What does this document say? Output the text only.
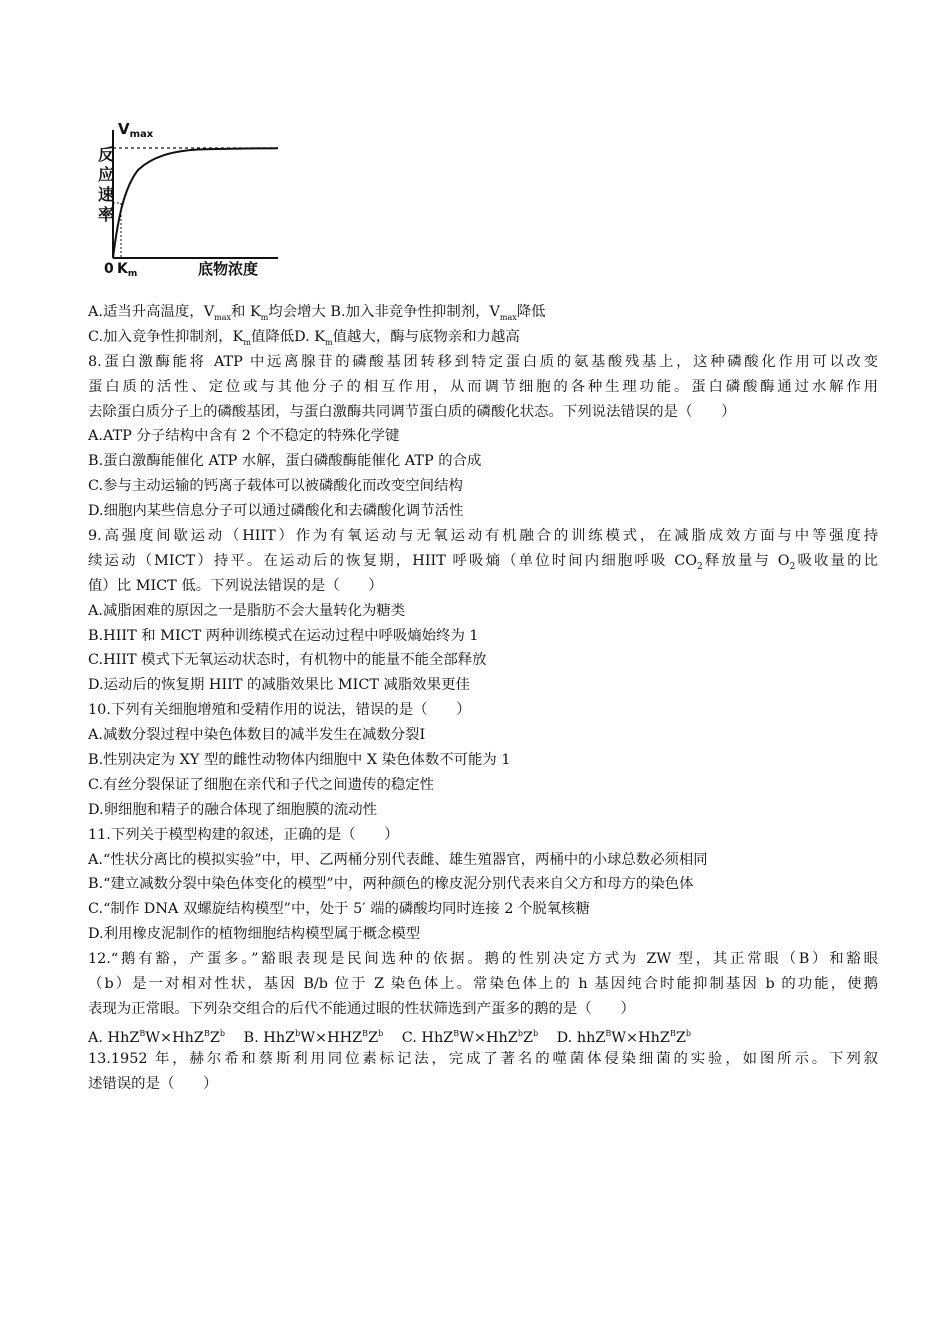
反
应
速
率
$V_{max}$
0 $K_m$	底物浓度
A.适当升高温度，$V_{max}$和 $K_m$均会增大 B.加入非竞争性抑制剂，$V_{max}$降低
C.加入竞争性抑制剂，$K_m$值降低D. $K_m$值越大，酶与底物亲和力越高
8.蛋白激酶能将 ATP 中远离腺苷的磷酸基团转移到特定蛋白质的氨基酸残基上，这种磷酸化作用可以改变
蛋白质的活性、定位或与其他分子的相互作用，从而调节细胞的各种生理功能。蛋白磷酸酶通过水解作用
去除蛋白质分子上的磷酸基团，与蛋白激酶共同调节蛋白质的磷酸化状态。下列说法错误的是（　　）
A.ATP 分子结构中含有 2 个不稳定的特殊化学键
B.蛋白激酶能催化 ATP 水解，蛋白磷酸酶能催化 ATP 的合成
C.参与主动运输的钙离子载体可以被磷酸化而改变空间结构
D.细胞内某些信息分子可以通过磷酸化和去磷酸化调节活性
9.高强度间歇运动（HIIT）作为有氧运动与无氧运动有机融合的训练模式，在减脂成效方面与中等强度持
续运动（MICT）持平。在运动后的恢复期，HIIT 呼吸熵（单位时间内细胞呼吸 $CO_2$释放量与 $O_2$吸收量的比
值）比 MICT 低。下列说法错误的是（　　）
A.减脂困难的原因之一是脂肪不会大量转化为糖类
B.HIIT 和 MICT 两种训练模式在运动过程中呼吸熵始终为 1
C.HIIT 模式下无氧运动状态时，有机物中的能量不能全部释放
D.运动后的恢复期 HIIT 的减脂效果比 MICT 减脂效果更佳
10.下列有关细胞增殖和受精作用的说法，错误的是（　　）
A.减数分裂过程中染色体数目的减半发生在减数分裂Ⅰ
B.性别决定为 XY 型的雌性动物体内细胞中 X 染色体数不可能为 1
C.有丝分裂保证了细胞在亲代和子代之间遗传的稳定性
D.卵细胞和精子的融合体现了细胞膜的流动性
11.下列关于模型构建的叙述，正确的是（　　）
A.“性状分离比的模拟实验”中，甲、乙两桶分别代表雌、雄生殖器官，两桶中的小球总数必须相同
B.“建立减数分裂中染色体变化的模型”中，两种颜色的橡皮泥分别代表来自父方和母方的染色体
C.“制作 DNA 双螺旋结构模型”中，处于 5′ 端的磷酸均同时连接 2 个脱氧核糖
D.利用橡皮泥制作的植物细胞结构模型属于概念模型
12.“鹅有豁，产蛋多。”豁眼表现是民间选种的依据。鹅的性别决定方式为 ZW 型，其正常眼（B）和豁眼
（b）是一对相对性状，基因 B/b 位于 Z 染色体上。常染色体上的 h 基因纯合时能抑制基因 b 的功能，使鹅
表现为正常眼。下列杂交组合的后代不能通过眼的性状筛选到产蛋多的鹅的是（　　）
A. $HhZ^BW\times HhZ^BZ^b$ B. $HhZ^bW\times HHZ^BZ^b$ C. $HhZ^BW\times HhZ^bZ^b$ D. $hhZ^BW\times HhZ^BZ^b$
13.1952 年，赫尔希和蔡斯利用同位素标记法，完成了著名的噬菌体侵染细菌的实验，如图所示。下列叙
述错误的是（　　）
